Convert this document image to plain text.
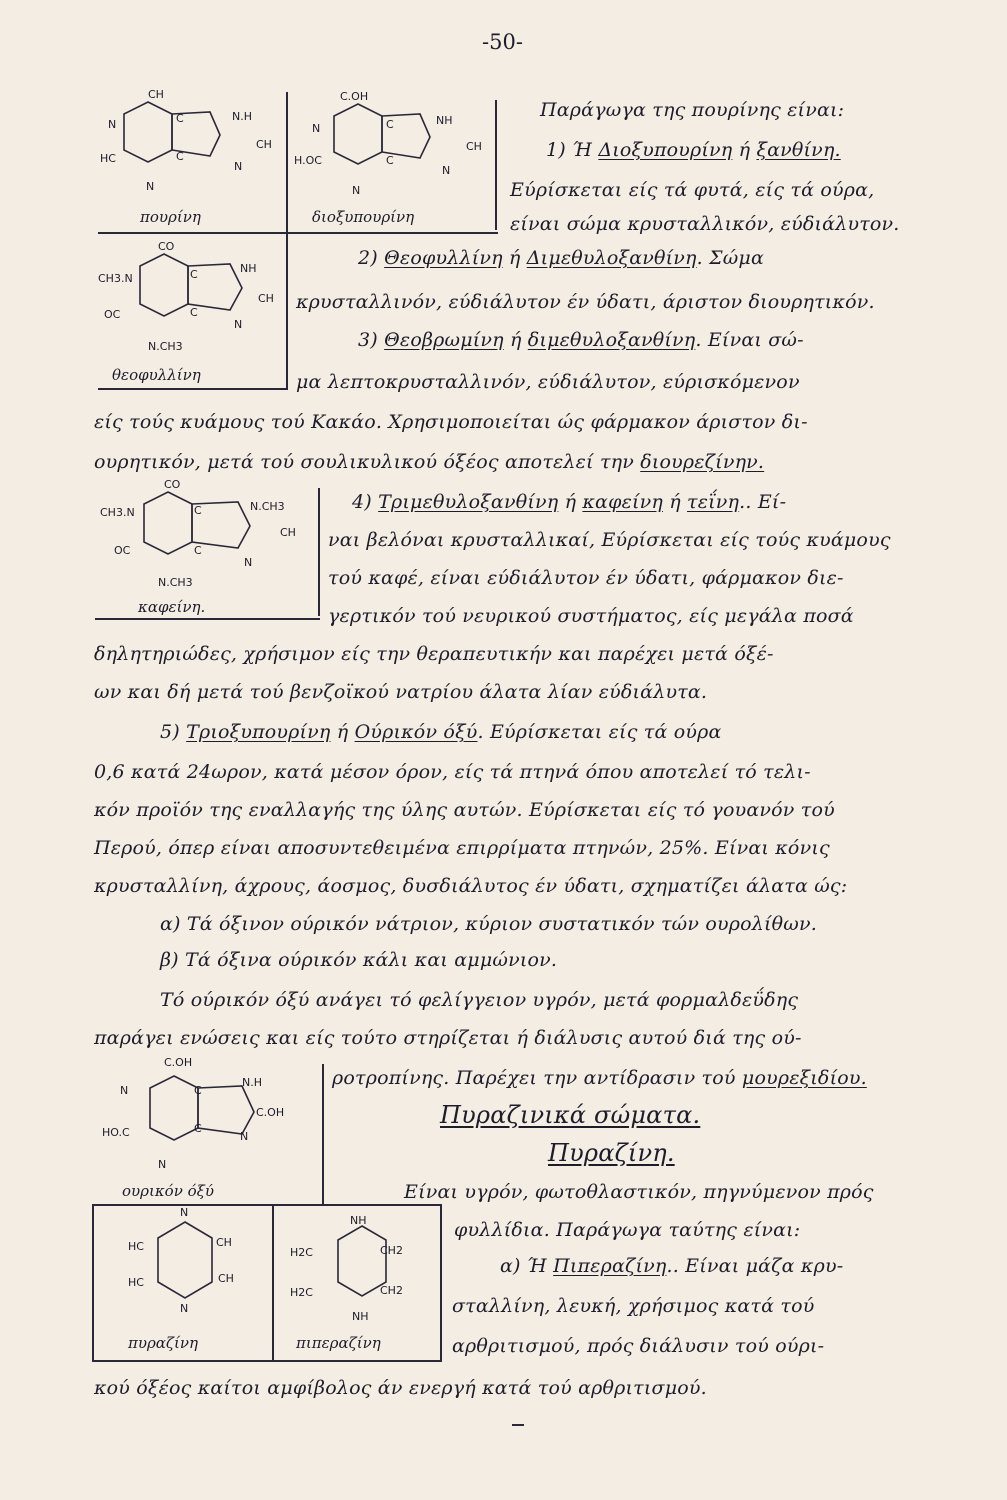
-50-
CH
N	C	N.H
CH
HC	C
N
N
πουρίνη
C.OH
N	C	NH
CH
H.OC	C
N
N
διοξυπουρίνη
CO
CH3.N	C	NH
CH
OC	C
N
N.CH3
θεοφυλλίνη
CO
CH3.N	C	N.CH3
CH
OC	C
N
N.CH3
καφείνη.
C.OH
N	C
N.H
C.OH
HO.C	C
N
N
ουρικόν όξύ
N
HC	CH
HC	CH
N
πυραζίνη
NH
H2C	CH2
H2C	CH2
NH
πιπεραζίνη
Παράγωγα της πουρίνης είναι:
1) Ή Διοξυπουρίνη ή ξανθίνη.
Εύρίσκεται είς τά φυτά, είς τά ούρα,
είναι σώμα κρυσταλλικόν, εύδιάλυτον.
2) Θεοφυλλίνη ή Διμεθυλοξανθίνη. Σώμα
κρυσταλλινόν, εύδιάλυτον έν ύδατι, άριστον διουρητικόν.
3) Θεοβρωμίνη ή διμεθυλοξανθίνη. Είναι σώ-
μα λεπτοκρυσταλλινόν, εύδιάλυτον, εύρισκόμενον
είς τούς κυάμους τού Κακάο. Χρησιμοποιείται ώς φάρμακον άριστον δι-
ουρητικόν, μετά τού σουλικυλικού όξέος αποτελεί την διουρεζίνην.
4) Τριμεθυλοξανθίνη ή καφείνη ή τεΐνη.. Εί-
ναι βελόναι κρυσταλλικαί, Εύρίσκεται είς τούς κυάμους
τού καφέ, είναι εύδιάλυτον έν ύδατι, φάρμακον διε-
γερτικόν τού νευρικού συστήματος, είς μεγάλα ποσά
δηλητηριώδες, χρήσιμον είς την θεραπευτικήν και παρέχει μετά όξέ-
ων και δή μετά τού βενζοϊκού νατρίου άλατα λίαν εύδιάλυτα.
5) Τριοξυπουρίνη ή Ούρικόν όξύ. Εύρίσκεται είς τά ούρα
0,6 κατά 24ωρον, κατά μέσον όρον, είς τά πτηνά όπου αποτελεί τό τελι-
κόν προϊόν της εναλλαγής της ύλης αυτών. Εύρίσκεται είς τό γουανόν τού
Περού, όπερ είναι αποσυντεθειμένα επιρρίματα πτηνών, 25%. Είναι κόνις
κρυσταλλίνη, άχρους, άοσμος, δυσδιάλυτος έν ύδατι, σχηματίζει άλατα ώς:
α) Τά όξινον ούρικόν νάτριον, κύριον συστατικόν τών ουρολίθων.
β) Τά όξινα ούρικόν κάλι και αμμώνιον.
Τό ούρικόν όξύ ανάγει τό φελίγγειον υγρόν, μετά φορμαλδεΰδης
παράγει ενώσεις και είς τούτο στηρίζεται ή διάλυσις αυτού διά της ού-
ροτροπίνης. Παρέχει την αντίδρασιν τού μουρεξιδίου.
Πυραζινικά σώματα.
Πυραζίνη.
Είναι υγρόν, φωτοθλαστικόν, πηγνύμενον πρός
φυλλίδια. Παράγωγα ταύτης είναι:
α) Ή Πιπεραζίνη.. Είναι μάζα κρυ-
σταλλίνη, λευκή, χρήσιμος κατά τού
αρθριτισμού, πρός διάλυσιν τού ούρι-
κού όξέος καίτοι αμφίβολος άν ενεργή κατά τού αρθριτισμού.
